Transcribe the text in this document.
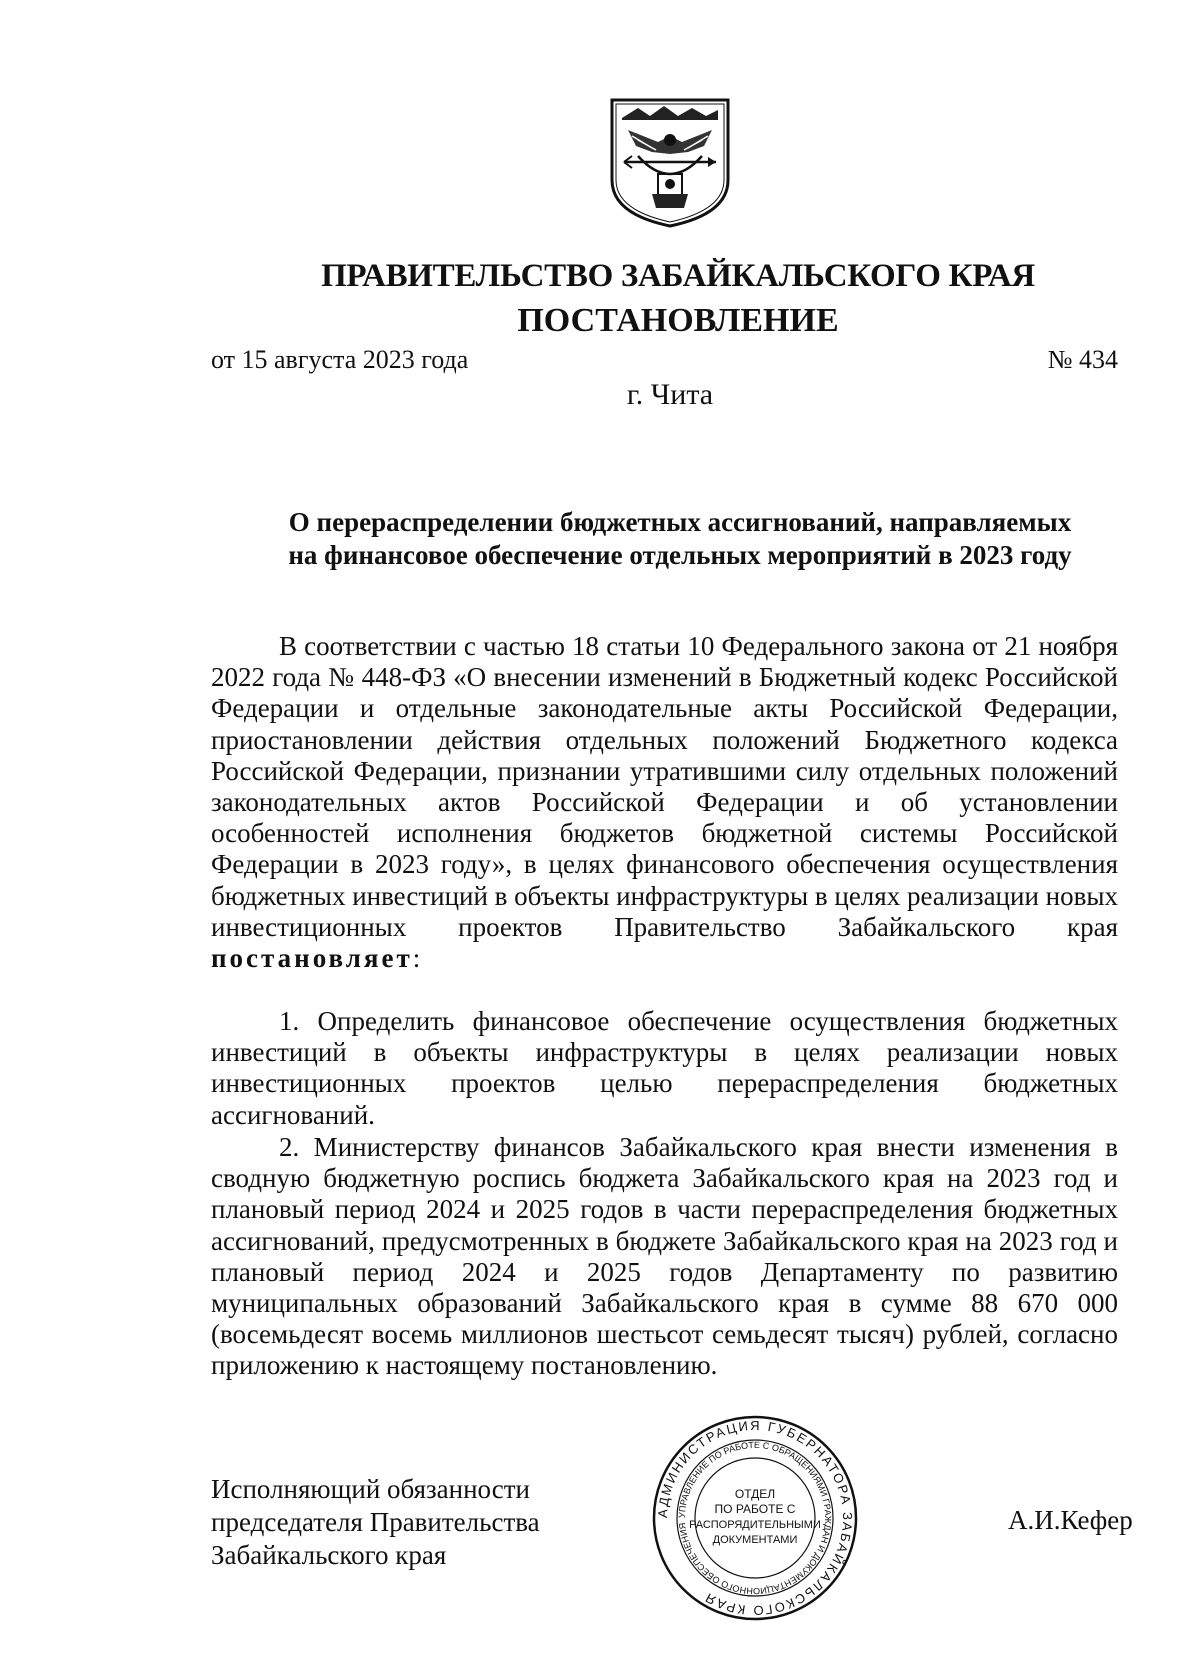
ПРАВИТЕЛЬСТВО ЗАБАЙКАЛЬСКОГО КРАЯ
ПОСТАНОВЛЕНИЕ
от 15 августа 2023 года	№ 434
г. Чита
О перераспределении бюджетных ассигнований, направляемых
на финансовое обеспечение отдельных мероприятий в 2023 году

В соответствии с частью 18 статьи 10 Федерального закона от 21 ноября 2022 года № 448-ФЗ «О внесении изменений в Бюджетный кодекс Российской Федерации и отдельные законодательные акты Российской Федерации, приостановлении действия отдельных положений Бюджетного кодекса Российской Федерации, признании утратившими силу отдельных положений законодательных актов Российской Федерации и об установлении особенностей исполнения бюджетов бюджетной системы Российской Федерации в 2023 году», в целях финансового обеспечения осуществления бюджетных инвестиций в объекты инфраструктуры в целях реализации новых инвестиционных проектов Правительство Забайкальского края постановляет:

1. Определить финансовое обеспечение осуществления бюджетных инвестиций в объекты инфраструктуры в целях реализации новых инвестиционных проектов целью перераспределения бюджетных ассигнований.

2. Министерству финансов Забайкальского края внести изменения в сводную бюджетную роспись бюджета Забайкальского края на 2023 год и плановый период 2024 и 2025 годов в части перераспределения бюджетных ассигнований, предусмотренных в бюджете Забайкальского края на 2023 год и плановый период 2024 и 2025 годов Департаменту по развитию муниципальных образований Забайкальского края в сумме 88 670 000 (восемьдесят восемь миллионов шестьсот семьдесят тысяч) рублей, согласно приложению к настоящему постановлению.

Исполняющий обязанности
председателя Правительства
Забайкальского края
А.И.Кефер
АДМИНИСТРАЦИЯ ГУБЕРНАТОРА ЗАБАЙКАЛЬСКОГО КРАЯ
УПРАВЛЕНИЕ ПО РАБОТЕ С ОБРАЩЕНИЯМИ ГРАЖДАН И ДОКУМЕНТАЦИОННОГО ОБЕСПЕЧЕНИЯ
ОТДЕЛ
ПО РАБОТЕ С
РАСПОРЯДИТЕЛЬНЫМИ
ДОКУМЕНТАМИ
